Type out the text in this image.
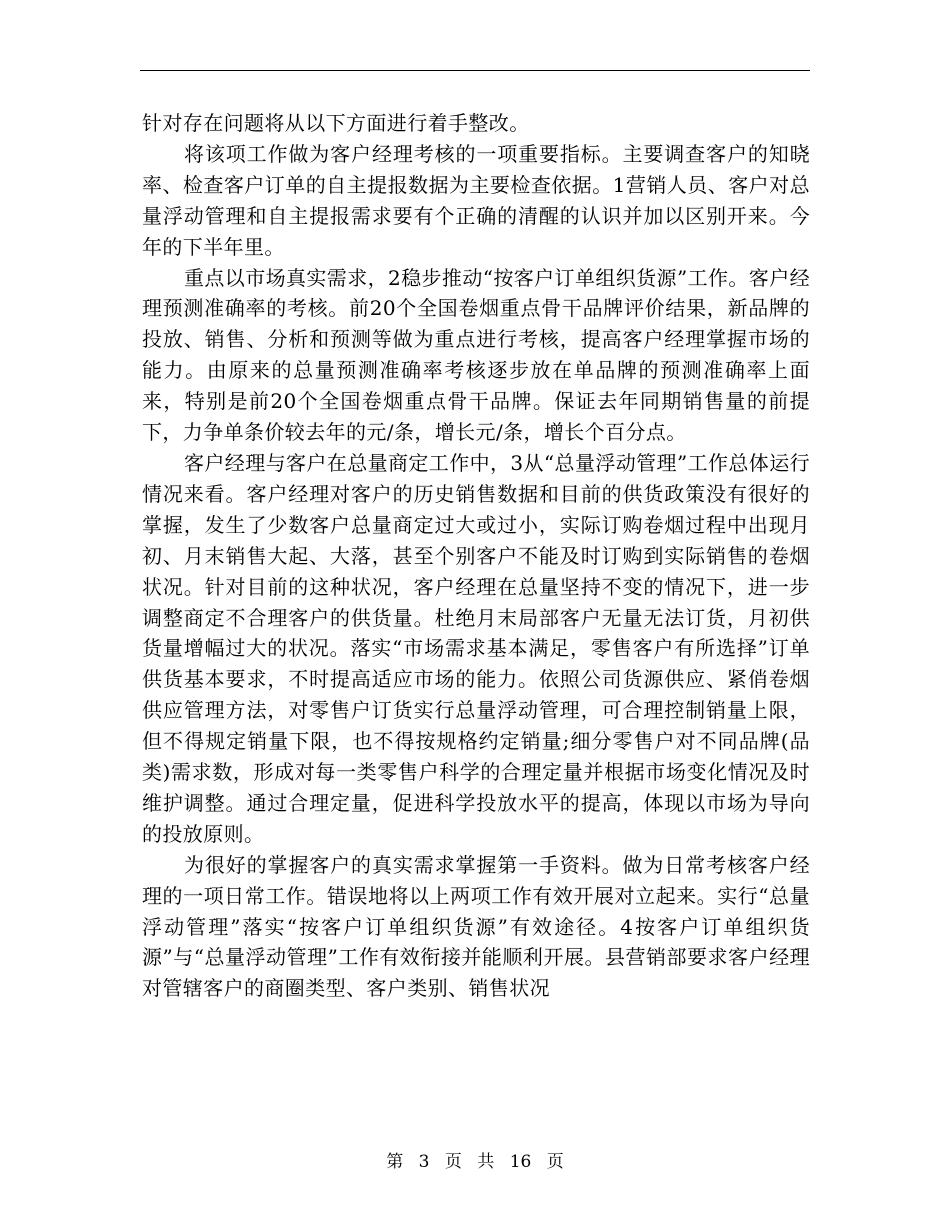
针对存在问题将从以下方面进行着手整改。

将该项工作做为客户经理考核的一项重要指标。主要调查客户的知晓率、检查客户订单的自主提报数据为主要检查依据。1营销人员、客户对总量浮动管理和自主提报需求要有个正确的清醒的认识并加以区别开来。今年的下半年里。

重点以市场真实需求，2稳步推动“按客户订单组织货源”工作。客户经理预测准确率的考核。前20个全国卷烟重点骨干品牌评价结果，新品牌的投放、销售、分析和预测等做为重点进行考核，提高客户经理掌握市场的能力。由原来的总量预测准确率考核逐步放在单品牌的预测准确率上面来，特别是前20个全国卷烟重点骨干品牌。保证去年同期销售量的前提下，力争单条价较去年的元/条，增长元/条，增长个百分点。

客户经理与客户在总量商定工作中，3从“总量浮动管理”工作总体运行情况来看。客户经理对客户的历史销售数据和目前的供货政策没有很好的掌握，发生了少数客户总量商定过大或过小，实际订购卷烟过程中出现月初、月末销售大起、大落，甚至个别客户不能及时订购到实际销售的卷烟状况。针对目前的这种状况，客户经理在总量坚持不变的情况下，进一步调整商定不合理客户的供货量。杜绝月末局部客户无量无法订货，月初供货量增幅过大的状况。落实“市场需求基本满足，零售客户有所选择”订单供货基本要求，不时提高适应市场的能力。依照公司货源供应、紧俏卷烟供应管理方法，对零售户订货实行总量浮动管理，可合理控制销量上限，但不得规定销量下限，也不得按规格约定销量;细分零售户对不同品牌(品类)需求数，形成对每一类零售户科学的合理定量并根据市场变化情况及时维护调整。通过合理定量，促进科学投放水平的提高，体现以市场为导向的投放原则。

为很好的掌握客户的真实需求掌握第一手资料。做为日常考核客户经理的一项日常工作。错误地将以上两项工作有效开展对立起来。实行“总量浮动管理”落实“按客户订单组织货源”有效途径。4按客户订单组织货源”与“总量浮动管理”工作有效衔接并能顺利开展。县营销部要求客户经理对管辖客户的商圈类型、客户类别、销售状况

第 3 页 共 16 页
